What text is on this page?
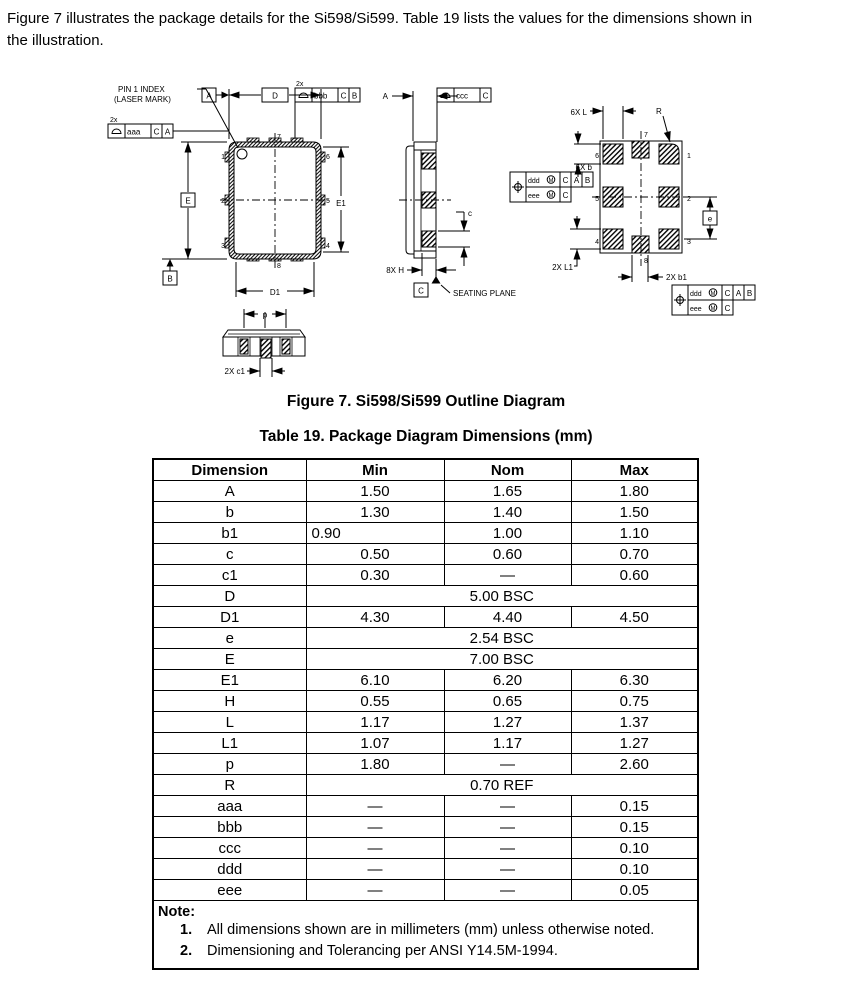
Figure 7 illustrates the package details for the Si598/Si599. Table 19 lists the values for the dimensions shown in
the illustration.
1
2
3
6
5
4
7
8
D
A
2x
bbb C B
2x
aaa C A
PIN 1 INDEX
(LASER MARK)
E
B
E1
D1
ccc C
A
c
8X H
C	SEATING PLANE
6
5
4
1
2
3
7
8
6X L	R
6X b
ddd M C A B
eee M C
e
2X L1
2X b1
ddd M C A B
eee M C
p
2X c1
Figure 7. Si598/Si599 Outline Diagram
Table 19. Package Diagram Dimensions (mm)
Dimension	Min	Nom	Max
A	1.50	1.65	1.80
b	1.30	1.40	1.50
b1	0.90	1.00	1.10
c	0.50	0.60	0.70
c1	0.30	—	0.60
D	5.00 BSC		
D1	4.30	4.40	4.50
e	2.54 BSC		
E	7.00 BSC		
E1	6.10	6.20	6.30
H	0.55	0.65	0.75
L	1.17	1.27	1.37
L1	1.07	1.17	1.27
p	1.80	—	2.60
R	0.70 REF		
aaa	—	—	0.15
bbb	—	—	0.15
ccc	—	—	0.10
ddd	—	—	0.10
eee	—	—	0.05

Note:
1. All dimensions shown are in millimeters (mm) unless otherwise noted.
2. Dimensioning and Tolerancing per ANSI Y14.5M-1994.			
